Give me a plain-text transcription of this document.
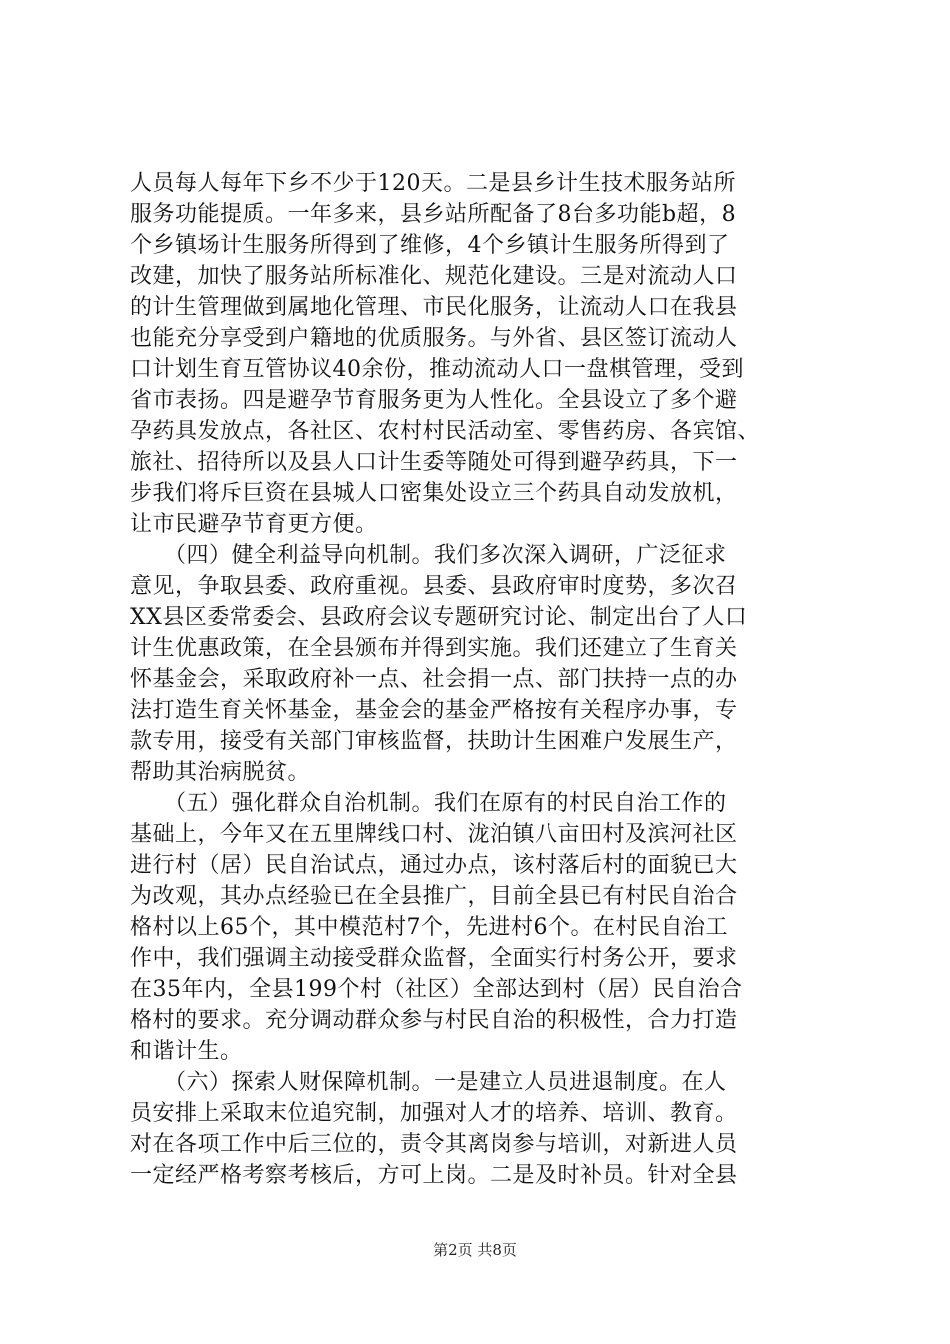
人员每人每年下乡不少于120天。二是县乡计生技术服务站所
服务功能提质。一年多来，县乡站所配备了8台多功能b超，8
个乡镇场计生服务所得到了维修，4个乡镇计生服务所得到了
改建，加快了服务站所标准化、规范化建设。三是对流动人口
的计生管理做到属地化管理、市民化服务，让流动人口在我县
也能充分享受到户籍地的优质服务。与外省、县区签订流动人
口计划生育互管协议40余份，推动流动人口一盘棋管理，受到
省市表扬。四是避孕节育服务更为人性化。全县设立了多个避
孕药具发放点，各社区、农村村民活动室、零售药房、各宾馆、
旅社、招待所以及县人口计生委等随处可得到避孕药具，下一
步我们将斥巨资在县城人口密集处设立三个药具自动发放机，
让市民避孕节育更方便。
　　（四）健全利益导向机制。我们多次深入调研，广泛征求
意见，争取县委、政府重视。县委、县政府审时度势，多次召
XX县区委常委会、县政府会议专题研究讨论、制定出台了人口
计生优惠政策，在全县颁布并得到实施。我们还建立了生育关
怀基金会，采取政府补一点、社会捐一点、部门扶持一点的办
法打造生育关怀基金，基金会的基金严格按有关程序办事，专
款专用，接受有关部门审核监督，扶助计生困难户发展生产，
帮助其治病脱贫。
　　（五）强化群众自治机制。我们在原有的村民自治工作的
基础上，今年又在五里牌线口村、泷泊镇八亩田村及滨河社区
进行村（居）民自治试点，通过办点，该村落后村的面貌已大
为改观，其办点经验已在全县推广，目前全县已有村民自治合
格村以上65个，其中模范村7个，先进村6个。在村民自治工
作中，我们强调主动接受群众监督，全面实行村务公开，要求
在35年内，全县199个村（社区）全部达到村（居）民自治合
格村的要求。充分调动群众参与村民自治的积极性，合力打造
和谐计生。
　　（六）探索人财保障机制。一是建立人员进退制度。在人
员安排上采取末位追究制，加强对人才的培养、培训、教育。
对在各项工作中后三位的，责令其离岗参与培训，对新进人员
一定经严格考察考核后，方可上岗。二是及时补员。针对全县
第2页 共8页
